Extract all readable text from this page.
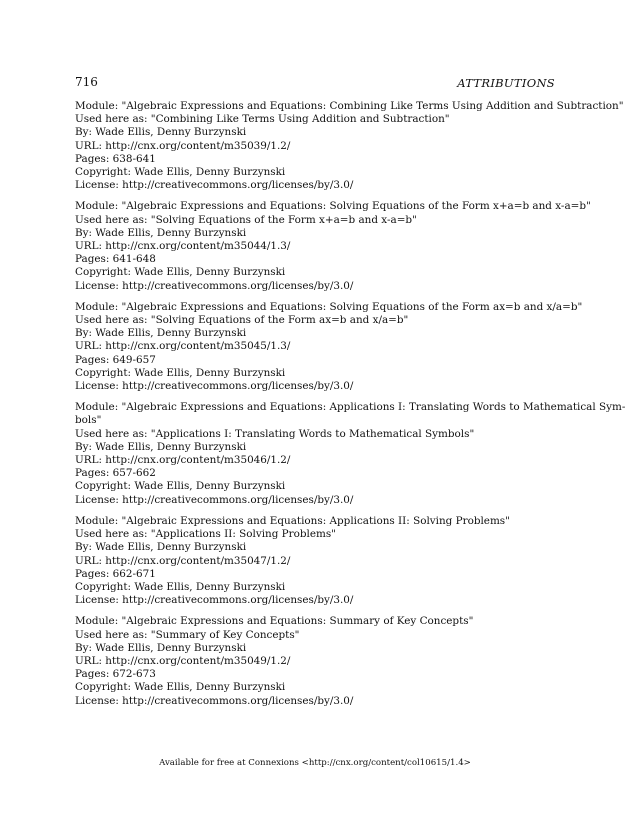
716	ATTRIBUTIONS
Module: "Algebraic Expressions and Equations: Combining Like Terms Using Addition and Subtraction"
Used here as: "Combining Like Terms Using Addition and Subtraction"
By: Wade Ellis, Denny Burzynski
URL: http://cnx.org/content/m35039/1.2/
Pages: 638-641
Copyright: Wade Ellis, Denny Burzynski
License: http://creativecommons.org/licenses/by/3.0/
Module: "Algebraic Expressions and Equations: Solving Equations of the Form x+a=b and x-a=b"
Used here as: "Solving Equations of the Form x+a=b and x-a=b"
By: Wade Ellis, Denny Burzynski
URL: http://cnx.org/content/m35044/1.3/
Pages: 641-648
Copyright: Wade Ellis, Denny Burzynski
License: http://creativecommons.org/licenses/by/3.0/
Module: "Algebraic Expressions and Equations: Solving Equations of the Form ax=b and x/a=b"
Used here as: "Solving Equations of the Form ax=b and x/a=b"
By: Wade Ellis, Denny Burzynski
URL: http://cnx.org/content/m35045/1.3/
Pages: 649-657
Copyright: Wade Ellis, Denny Burzynski
License: http://creativecommons.org/licenses/by/3.0/
Module: "Algebraic Expressions and Equations: Applications I: Translating Words to Mathematical Sym-
bols"
Used here as: "Applications I: Translating Words to Mathematical Symbols"
By: Wade Ellis, Denny Burzynski
URL: http://cnx.org/content/m35046/1.2/
Pages: 657-662
Copyright: Wade Ellis, Denny Burzynski
License: http://creativecommons.org/licenses/by/3.0/
Module: "Algebraic Expressions and Equations: Applications II: Solving Problems"
Used here as: "Applications II: Solving Problems"
By: Wade Ellis, Denny Burzynski
URL: http://cnx.org/content/m35047/1.2/
Pages: 662-671
Copyright: Wade Ellis, Denny Burzynski
License: http://creativecommons.org/licenses/by/3.0/
Module: "Algebraic Expressions and Equations: Summary of Key Concepts"
Used here as: "Summary of Key Concepts"
By: Wade Ellis, Denny Burzynski
URL: http://cnx.org/content/m35049/1.2/
Pages: 672-673
Copyright: Wade Ellis, Denny Burzynski
License: http://creativecommons.org/licenses/by/3.0/
Available for free at Connexions <http://cnx.org/content/col10615/1.4>
